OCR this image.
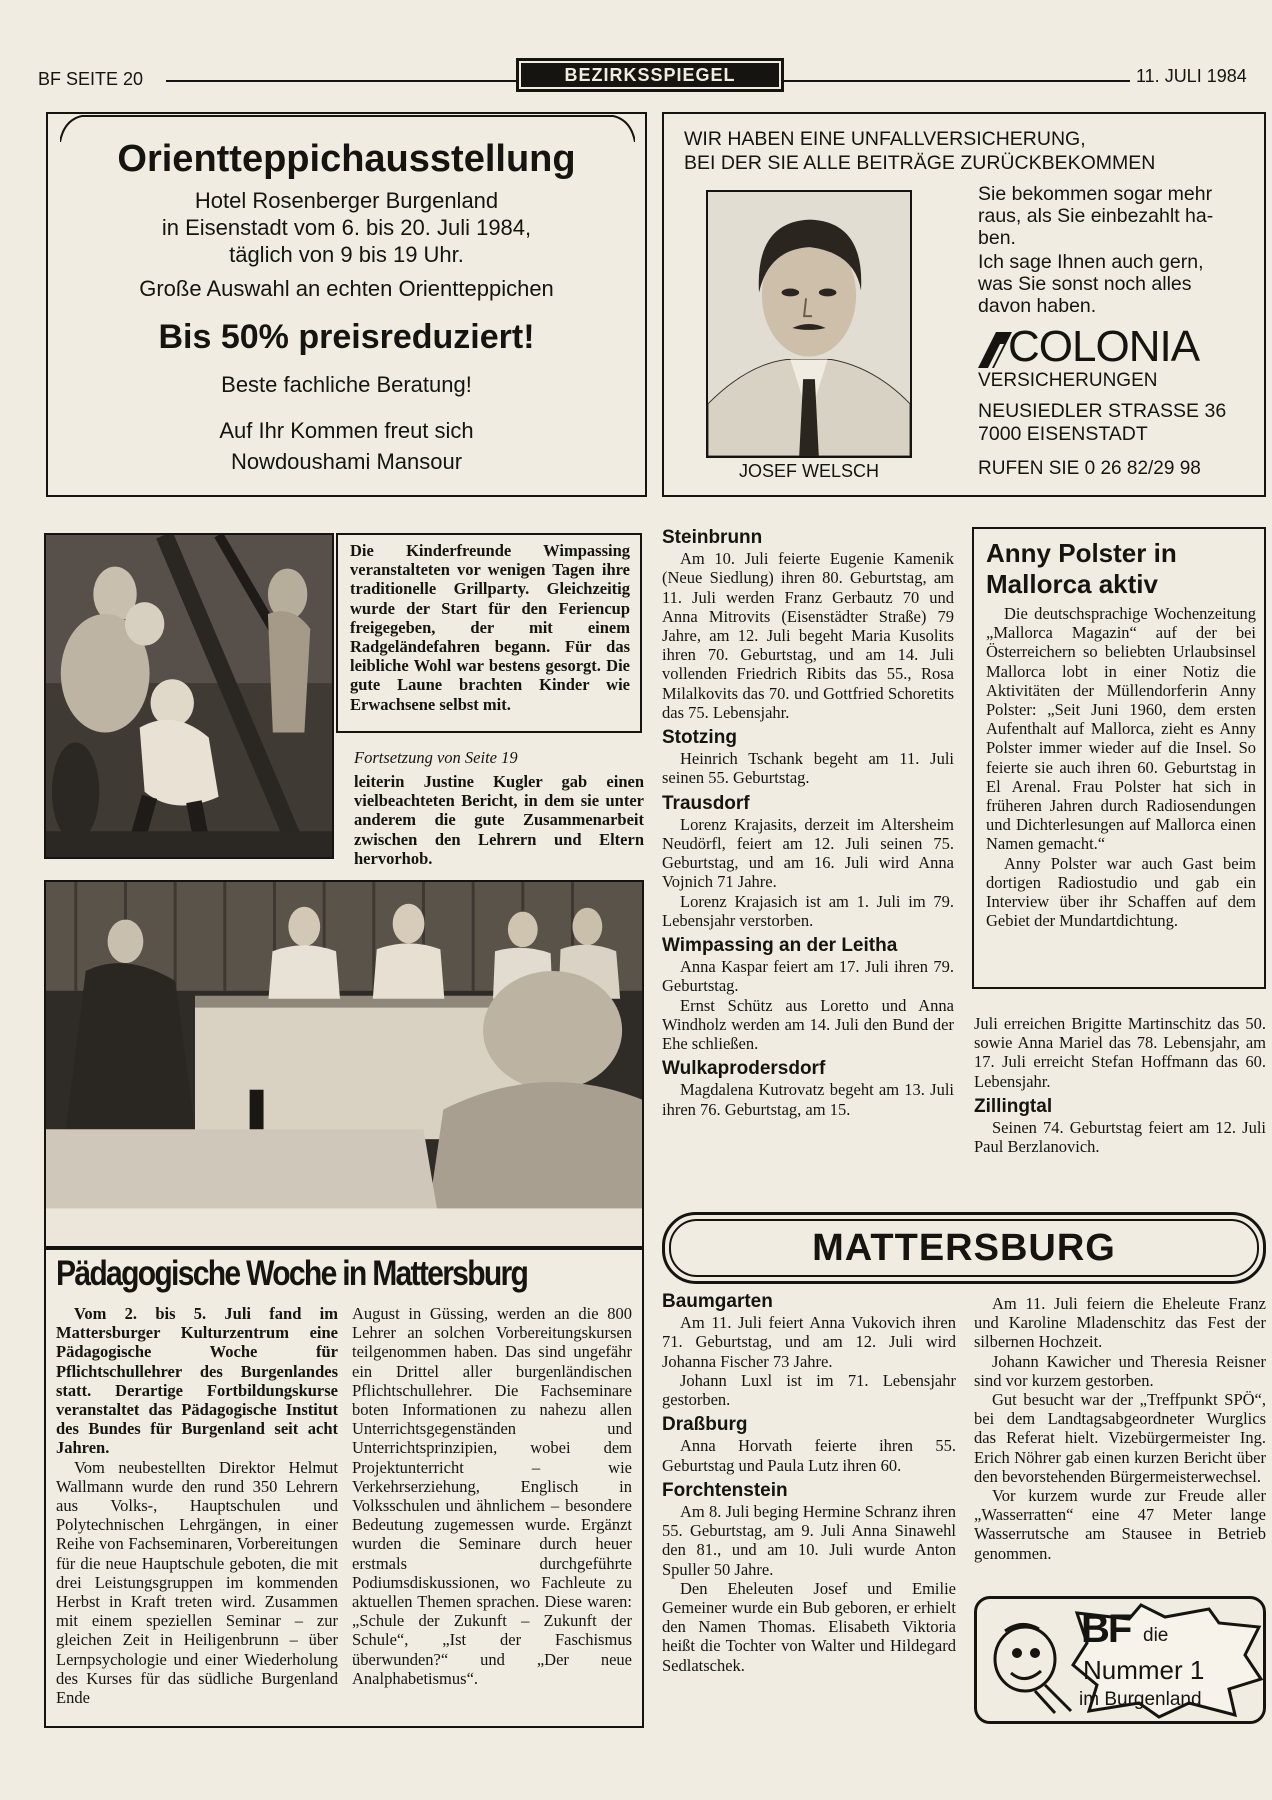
BF SEITE 20	BEZIRKSSPIEGEL	11. JULI 1984
Orientteppichausstellung
Hotel Rosenberger Burgenland
in Eisenstadt vom 6. bis 20. Juli 1984,
täglich von 9 bis 19 Uhr.
Große Auswahl an echten Orientteppichen
Bis 50% preisreduziert!
Beste fachliche Beratung!
Auf Ihr Kommen freut sich
Nowdoushami Mansour
WIR HABEN EINE UNFALLVERSICHERUNG,
BEI DER SIE ALLE BEITRÄGE ZURÜCKBEKOMMEN
JOSEF WELSCH
Sie bekommen sogar mehr
raus, als Sie einbezahlt ha-
ben.
Ich sage Ihnen auch gern,
was Sie sonst noch alles
davon haben.
COLONIA
VERSICHERUNGEN
NEUSIEDLER STRASSE 36
7000 EISENSTADT
RUFEN SIE 0 26 82/29 98

Die Kinderfreunde Wimpassing veranstalteten vor wenigen Tagen ihre traditionelle Grillparty. Gleichzeitig wurde der Start für den Feriencup freigegeben, der mit einem Radgeländefahren begann. Für das leibliche Wohl war bestens gesorgt. Die gute Laune brachten Kinder wie Erwachsene selbst mit.

Fortsetzung von Seite 19

leiterin Justine Kugler gab einen vielbeachteten Bericht, in dem sie unter anderem die gute Zusammenarbeit zwischen den Lehrern und Eltern hervorhob.

Pädagogische Woche in Mattersburg

Vom 2. bis 5. Juli fand im Mattersburger Kulturzentrum eine Pädagogische Woche für Pflichtschullehrer des Burgenlandes statt. Derartige Fortbildungskurse veranstaltet das Pädagogische Institut des Bundes für Burgenland seit acht Jahren.

Vom neubestellten Direktor Helmut Wallmann wurde den rund 350 Lehrern aus Volks-, Hauptschulen und Polytechnischen Lehrgängen, in einer Reihe von Fachseminaren, Vorbereitungen für die neue Hauptschule geboten, die mit drei Leistungsgruppen im kommenden Herbst in Kraft treten wird. Zusammen mit einem speziellen Seminar – zur gleichen Zeit in Heiligenbrunn – über Lernpsychologie und einer Wiederholung des Kurses für das südliche Burgenland Ende

August in Güssing, werden an die 800 Lehrer an solchen Vorbereitungskursen teilgenommen haben. Das sind ungefähr ein Drittel aller burgenländischen Pflichtschullehrer. Die Fachseminare boten Informationen zu nahezu allen Unterrichtsgegenständen und Unterrichtsprinzipien, wobei dem Projektunterricht – wie Verkehrserziehung, Englisch in Volksschulen und ähnlichem – besondere Bedeutung zugemessen wurde. Ergänzt wurden die Seminare durch heuer erstmals durchgeführte Podiumsdiskussionen, wo Fachleute zu aktuellen Themen sprachen. Diese waren: „Schule der Zukunft – Zukunft der Schule“, „Ist der Faschismus überwunden?“ und „Der neue Analphabetismus“.

Steinbrunn

Am 10. Juli feierte Eugenie Kamenik (Neue Siedlung) ihren 80. Geburtstag, am 11. Juli werden Franz Gerbautz 70 und Anna Mitrovits (Eisenstädter Straße) 79 Jahre, am 12. Juli begeht Maria Kusolits ihren 70. Geburtstag, und am 14. Juli vollenden Friedrich Ribits das 55., Rosa Milalkovits das 70. und Gottfried Schoretits das 75. Lebensjahr.

Stotzing

Heinrich Tschank begeht am 11. Juli seinen 55. Geburtstag.

Trausdorf

Lorenz Krajasits, derzeit im Altersheim Neudörfl, feiert am 12. Juli seinen 75. Geburtstag, und am 16. Juli wird Anna Vojnich 71 Jahre.

Lorenz Krajasich ist am 1. Juli im 79. Lebensjahr verstorben.

Wimpassing an der Leitha

Anna Kaspar feiert am 17. Juli ihren 79. Geburtstag.

Ernst Schütz aus Loretto und Anna Windholz werden am 14. Juli den Bund der Ehe schließen.

Wulkaprodersdorf

Magdalena Kutrovatz begeht am 13. Juli ihren 76. Geburtstag, am 15.

Anny Polster in Mallorca aktiv

Die deutschsprachige Wochenzeitung „Mallorca Magazin“ auf der bei Österreichern so beliebten Urlaubsinsel Mallorca lobt in einer Notiz die Aktivitäten der Müllendorferin Anny Polster: „Seit Juni 1960, dem ersten Aufenthalt auf Mallorca, zieht es Anny Polster immer wieder auf die Insel. So feierte sie auch ihren 60. Geburtstag in El Arenal. Frau Polster hat sich in früheren Jahren durch Radiosendungen und Dichterlesungen auf Mallorca einen Namen gemacht.“

Anny Polster war auch Gast beim dortigen Radiostudio und gab ein Interview über ihr Schaffen auf dem Gebiet der Mundartdichtung.

Juli erreichen Brigitte Martinschitz das 50. sowie Anna Mariel das 78. Lebensjahr, am 17. Juli erreicht Stefan Hoffmann das 60. Lebensjahr.

Zillingtal

Seinen 74. Geburtstag feiert am 12. Juli Paul Berzlanovich.

MATTERSBURG
Baumgarten

Am 11. Juli feiert Anna Vukovich ihren 71. Geburtstag, und am 12. Juli wird Johanna Fischer 73 Jahre.

Johann Luxl ist im 71. Lebensjahr gestorben.

Draßburg

Anna Horvath feierte ihren 55. Geburtstag und Paula Lutz ihren 60.

Forchtenstein

Am 8. Juli beging Hermine Schranz ihren 55. Geburtstag, am 9. Juli Anna Sinawehl den 81., und am 10. Juli wurde Anton Spuller 50 Jahre.

Den Eheleuten Josef und Emilie Gemeiner wurde ein Bub geboren, er erhielt den Namen Thomas. Elisabeth Viktoria heißt die Tochter von Walter und Hildegard Sedlatschek.

Am 11. Juli feiern die Eheleute Franz und Karoline Mladenschitz das Fest der silbernen Hochzeit.

Johann Kawicher und Theresia Reisner sind vor kurzem gestorben.

Gut besucht war der „Treffpunkt SPÖ“, bei dem Landtagsabgeordneter Wurglics das Referat hielt. Vizebürgermeister Ing. Erich Nöhrer gab einen kurzen Bericht über den bevorstehenden Bürgermeisterwechsel.

Vor kurzem wurde zur Freude aller „Wasserratten“ eine 47 Meter lange Wasserrutsche am Stausee in Betrieb genommen.

BF die
Nummer 1
im Burgenland
